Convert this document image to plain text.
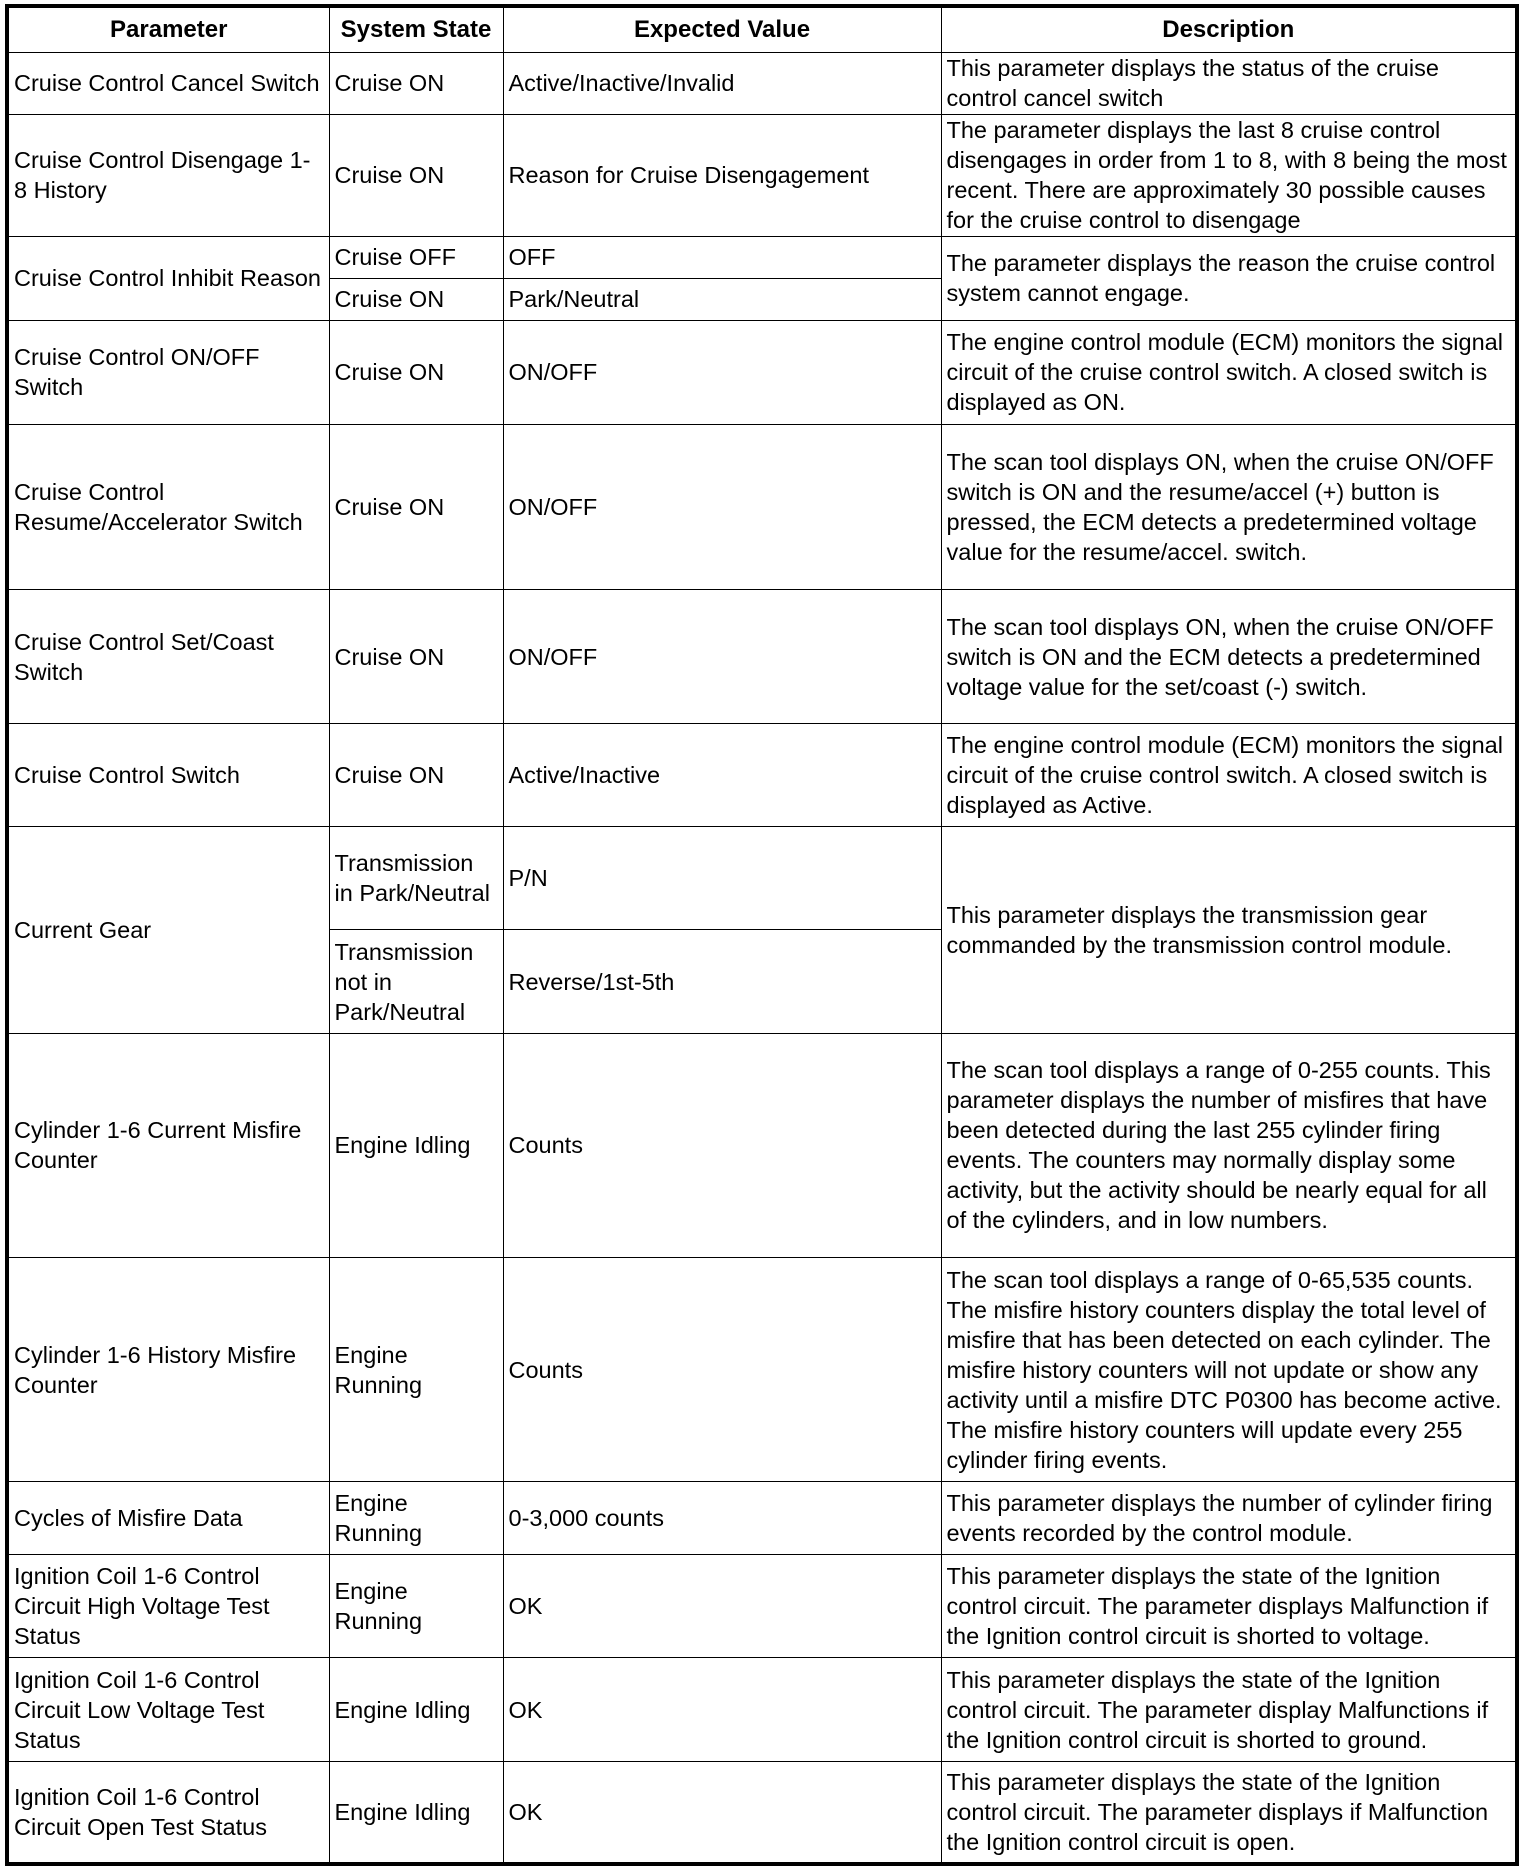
Parameter	System State	Expected Value	Description
Cruise Control Cancel Switch	Cruise ON	Active/Inactive/Invalid	This parameter displays the status of the cruise control cancel switch
Cruise Control Disengage 1-8 History	Cruise ON	Reason for Cruise Disengagement	The parameter displays the last 8 cruise control disengages in order from 1 to 8, with 8 being the most recent. There are approximately 30 possible causes for the cruise control to disengage
Cruise Control Inhibit Reason	Cruise OFF	OFF	The parameter displays the reason the cruise control system cannot engage.
	Cruise ON	Park/Neutral	
Cruise Control ON/OFF Switch	Cruise ON	ON/OFF	The engine control module (ECM) monitors the signal circuit of the cruise control switch. A closed switch is displayed as ON.
Cruise Control Resume/Accelerator Switch	Cruise ON	ON/OFF	The scan tool displays ON, when the cruise ON/OFF switch is ON and the resume/accel (+) button is pressed, the ECM detects a predetermined voltage value for the resume/accel. switch.
Cruise Control Set/Coast Switch	Cruise ON	ON/OFF	The scan tool displays ON, when the cruise ON/OFF switch is ON and the ECM detects a predetermined voltage value for the set/coast (-) switch.
Cruise Control Switch	Cruise ON	Active/Inactive	The engine control module (ECM) monitors the signal circuit of the cruise control switch. A closed switch is displayed as Active.
Current Gear	Transmission in Park/Neutral	P/N	This parameter displays the transmission gear commanded by the transmission control module.
	Transmission not in Park/Neutral	Reverse/1st-5th	
Cylinder 1-6 Current Misfire Counter	Engine Idling	Counts	The scan tool displays a range of 0-255 counts. This parameter displays the number of misfires that have been detected during the last 255 cylinder firing events. The counters may normally display some activity, but the activity should be nearly equal for all of the cylinders, and in low numbers.
Cylinder 1-6 History Misfire Counter	Engine Running	Counts	The scan tool displays a range of 0-65,535 counts. The misfire history counters display the total level of misfire that has been detected on each cylinder. The misfire history counters will not update or show any activity until a misfire DTC P0300 has become active. The misfire history counters will update every 255 cylinder firing events.
Cycles of Misfire Data	Engine Running	0-3,000 counts	This parameter displays the number of cylinder firing events recorded by the control module.
Ignition Coil 1-6 Control Circuit High Voltage Test Status	Engine Running	OK	This parameter displays the state of the Ignition control circuit. The parameter displays Malfunction if the Ignition control circuit is shorted to voltage.
Ignition Coil 1-6 Control Circuit Low Voltage Test Status	Engine Idling	OK	This parameter displays the state of the Ignition control circuit. The parameter display Malfunctions if the Ignition control circuit is shorted to ground.
Ignition Coil 1-6 Control Circuit Open Test Status	Engine Idling	OK	This parameter displays the state of the Ignition control circuit. The parameter displays if Malfunction the Ignition control circuit is open.
